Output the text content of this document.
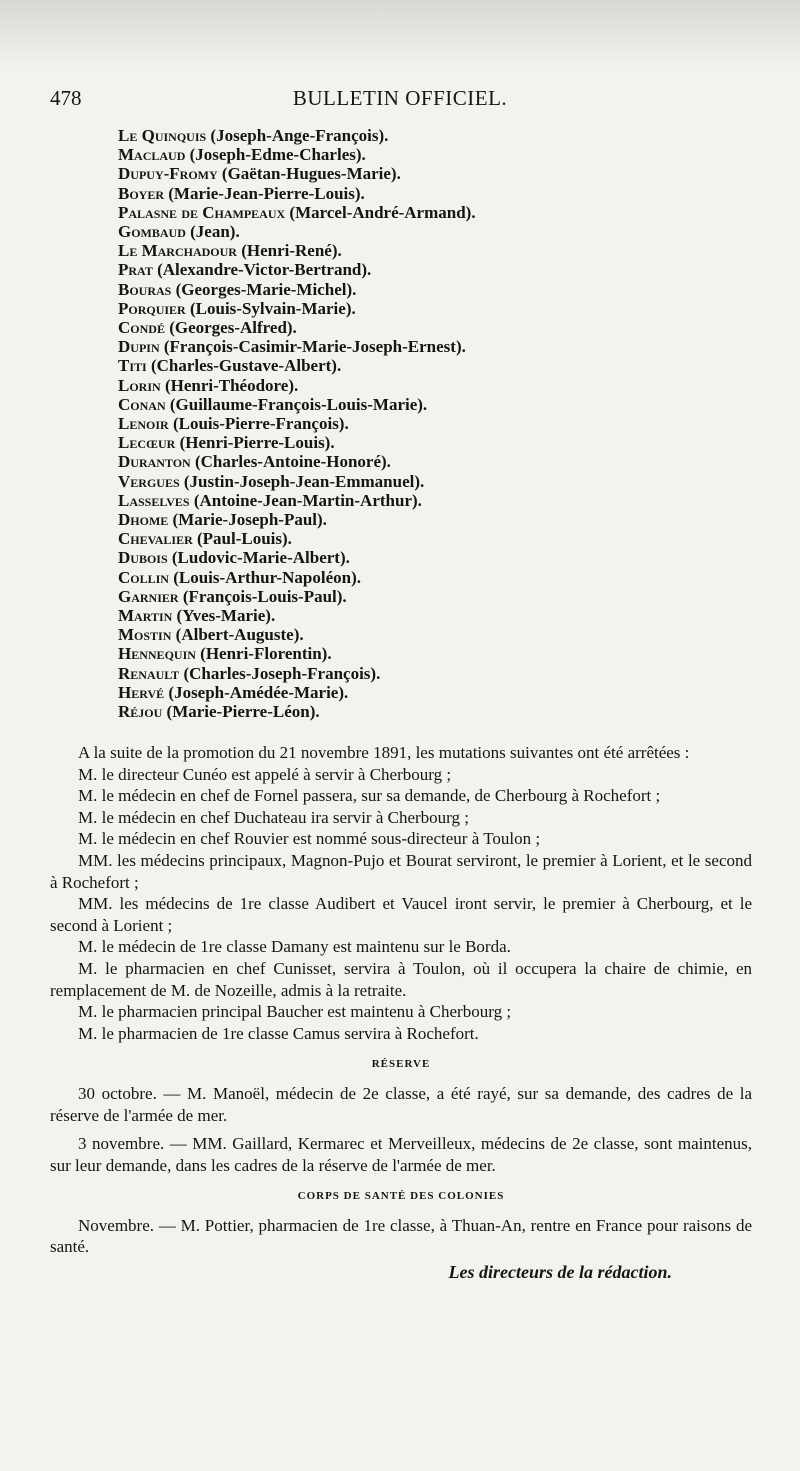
478	BULLETIN OFFICIEL.
Le Quinquis (Joseph-Ange-François).
Maclaud (Joseph-Edme-Charles).
Dupuy-Fromy (Gaëtan-Hugues-Marie).
Boyer (Marie-Jean-Pierre-Louis).
Palasne de Champeaux (Marcel-André-Armand).
Gombaud (Jean).
Le Marchadour (Henri-René).
Prat (Alexandre-Victor-Bertrand).
Bouras (Georges-Marie-Michel).
Porquier (Louis-Sylvain-Marie).
Condé (Georges-Alfred).
Dupin (François-Casimir-Marie-Joseph-Ernest).
Titi (Charles-Gustave-Albert).
Lorin (Henri-Théodore).
Conan (Guillaume-François-Louis-Marie).
Lenoir (Louis-Pierre-François).
Lecœur (Henri-Pierre-Louis).
Duranton (Charles-Antoine-Honoré).
Vergues (Justin-Joseph-Jean-Emmanuel).
Lasselves (Antoine-Jean-Martin-Arthur).
Dhome (Marie-Joseph-Paul).
Chevalier (Paul-Louis).
Dubois (Ludovic-Marie-Albert).
Collin (Louis-Arthur-Napoléon).
Garnier (François-Louis-Paul).
Martin (Yves-Marie).
Mostin (Albert-Auguste).
Hennequin (Henri-Florentin).
Renault (Charles-Joseph-François).
Hervé (Joseph-Amédée-Marie).
Réjou (Marie-Pierre-Léon).

A la suite de la promotion du 21 novembre 1891, les mutations suivantes ont été arrêtées :

M. le directeur Cunéo est appelé à servir à Cherbourg ;

M. le médecin en chef de Fornel passera, sur sa demande, de Cherbourg à Rochefort ;

M. le médecin en chef Duchateau ira servir à Cherbourg ;

M. le médecin en chef Rouvier est nommé sous-directeur à Toulon ;

MM. les médecins principaux, Magnon-Pujo et Bourat serviront, le premier à Lorient, et le second à Rochefort ;

MM. les médecins de 1re classe Audibert et Vaucel iront servir, le premier à Cherbourg, et le second à Lorient ;

M. le médecin de 1re classe Damany est maintenu sur le Borda.

M. le pharmacien en chef Cunisset, servira à Toulon, où il occupera la chaire de chimie, en remplacement de M. de Nozeille, admis à la retraite.

M. le pharmacien principal Baucher est maintenu à Cherbourg ;

M. le pharmacien de 1re classe Camus servira à Rochefort.

RÉSERVE

30 octobre. — M. Manoël, médecin de 2e classe, a été rayé, sur sa demande, des cadres de la réserve de l'armée de mer.

3 novembre. — MM. Gaillard, Kermarec et Merveilleux, médecins de 2e classe, sont maintenus, sur leur demande, dans les cadres de la réserve de l'armée de mer.

CORPS DE SANTÉ DES COLONIES

Novembre. — M. Pottier, pharmacien de 1re classe, à Thuan-An, rentre en France pour raisons de santé.

Les directeurs de la rédaction.
